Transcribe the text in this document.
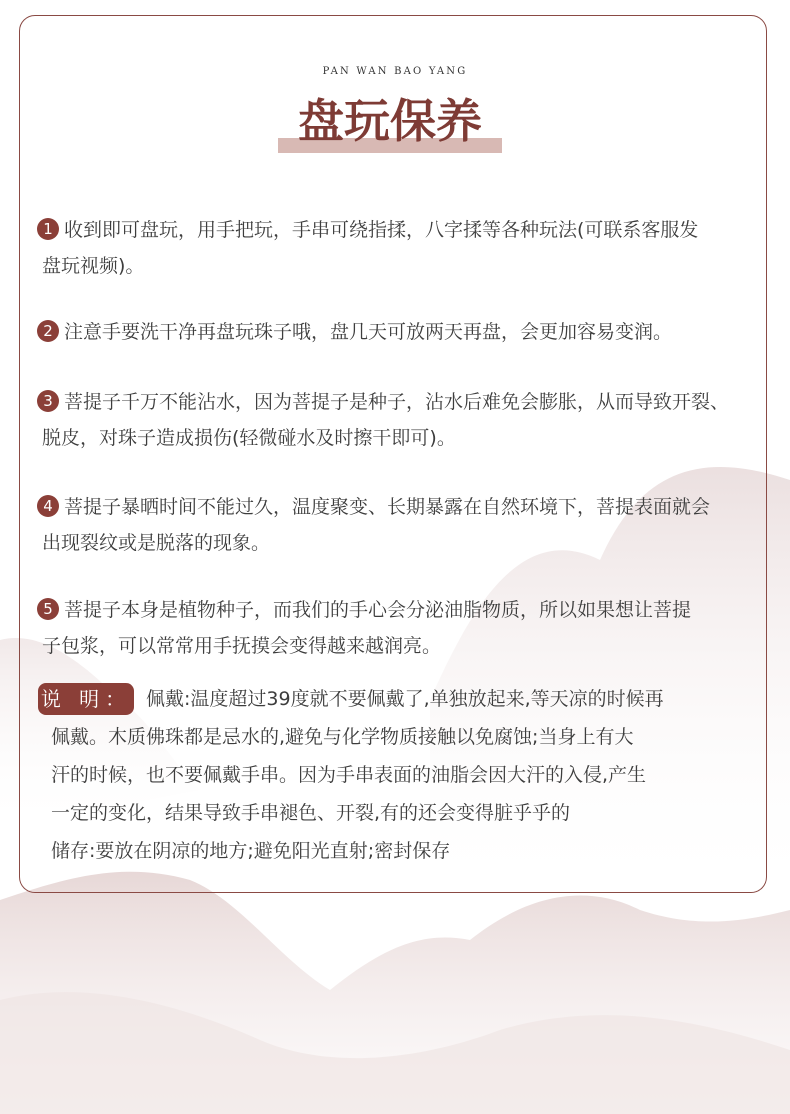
PAN WAN BAO YANG
盘玩保养

1 收到即可盘玩，用手把玩，手串可绕指揉，八字揉等各种玩法(可联系客服发

盘玩视频)。

2 注意手要洗干净再盘玩珠子哦，盘几天可放两天再盘，会更加容易变润。

3 菩提子千万不能沾水，因为菩提子是种子，沾水后难免会膨胀，从而导致开裂、

脱皮，对珠子造成损伤(轻微碰水及时擦干即可)。

4 菩提子暴晒时间不能过久，温度聚变、长期暴露在自然环境下，菩提表面就会

出现裂纹或是脱落的现象。

5 菩提子本身是植物种子，而我们的手心会分泌油脂物质，所以如果想让菩提

子包浆，可以常常用手抚摸会变得越来越润亮。

说 明： 佩戴:温度超过39度就不要佩戴了,单独放起来,等天凉的时候再
佩戴。木质佛珠都是忌水的,避免与化学物质接触以免腐蚀;当身上有大
汗的时候，也不要佩戴手串。因为手串表面的油脂会因大汗的入侵,产生
一定的变化，结果导致手串褪色、开裂,有的还会变得脏乎乎的
储存:要放在阴凉的地方;避免阳光直射;密封保存
